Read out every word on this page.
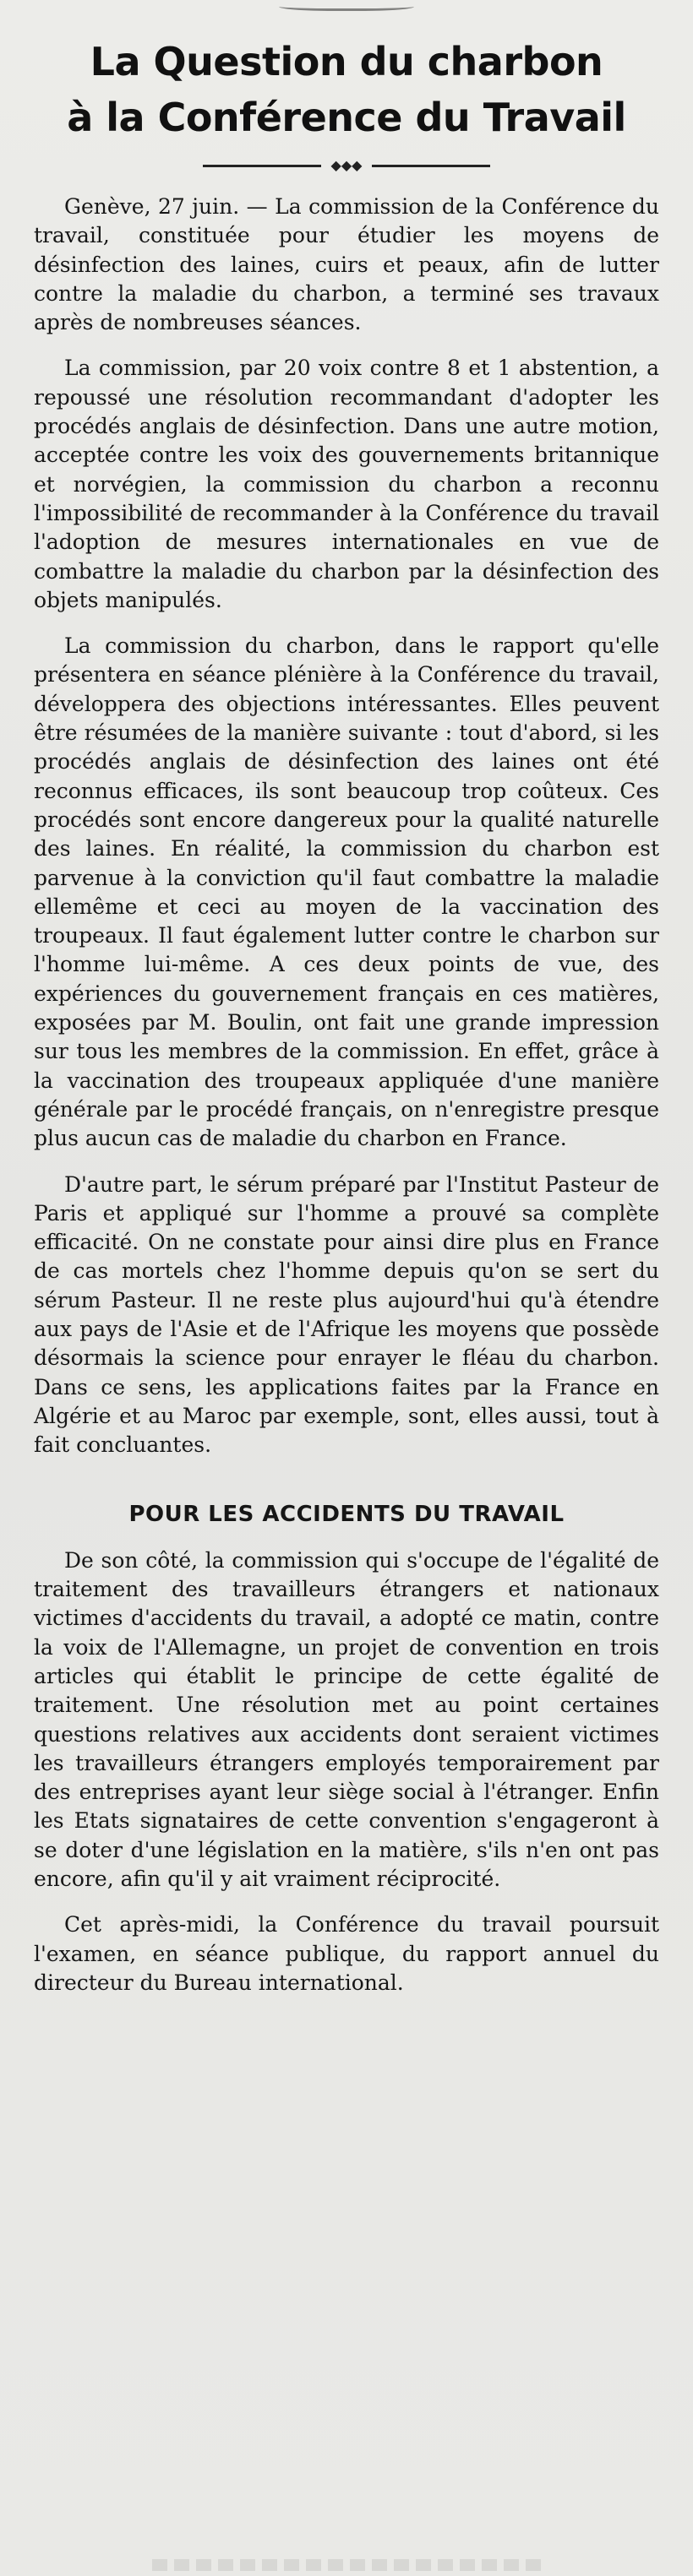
La Question du charbon
à la Conférence du Travail
◆◆◆

Genève, 27 juin. — La commission de la Conférence du travail, constituée pour étudier les moyens de désinfection des laines, cuirs et peaux, afin de lutter contre la maladie du charbon, a terminé ses travaux après de nombreuses séances.

La commission, par 20 voix contre 8 et 1 abstention, a repoussé une résolution recommandant d'adopter les procédés anglais de désinfection. Dans une autre motion, acceptée contre les voix des gouvernements britannique et norvégien, la commission du charbon a reconnu l'impossibilité de recommander à la Conférence du travail l'adoption de mesures internationales en vue de combattre la maladie du charbon par la désinfection des objets manipulés.

La commission du charbon, dans le rapport qu'elle présentera en séance plénière à la Conférence du travail, développera des objections intéressantes. Elles peuvent être résumées de la manière suivante : tout d'abord, si les procédés anglais de désinfection des laines ont été reconnus efficaces, ils sont beaucoup trop coûteux. Ces procédés sont encore dangereux pour la qualité naturelle des laines. En réalité, la commission du charbon est parvenue à la conviction qu'il faut combattre la maladie ellemême et ceci au moyen de la vaccination des troupeaux. Il faut également lutter contre le charbon sur l'homme lui-même. A ces deux points de vue, des expériences du gouvernement français en ces matières, exposées par M. Boulin, ont fait une grande impression sur tous les membres de la commission. En effet, grâce à la vaccination des troupeaux appliquée d'une manière générale par le procédé français, on n'enregistre presque plus aucun cas de maladie du charbon en France.

D'autre part, le sérum préparé par l'Institut Pasteur de Paris et appliqué sur l'homme a prouvé sa complète efficacité. On ne constate pour ainsi dire plus en France de cas mortels chez l'homme depuis qu'on se sert du sérum Pasteur. Il ne reste plus aujourd'hui qu'à étendre aux pays de l'Asie et de l'Afrique les moyens que possède désormais la science pour enrayer le fléau du charbon. Dans ce sens, les applications faites par la France en Algérie et au Maroc par exemple, sont, elles aussi, tout à fait concluantes.

POUR LES ACCIDENTS DU TRAVAIL

De son côté, la commission qui s'occupe de l'égalité de traitement des travailleurs étrangers et nationaux victimes d'accidents du travail, a adopté ce matin, contre la voix de l'Allemagne, un projet de convention en trois articles qui établit le principe de cette égalité de traitement. Une résolution met au point certaines questions relatives aux accidents dont seraient victimes les travailleurs étrangers employés temporairement par des entreprises ayant leur siège social à l'étranger. Enfin les Etats signataires de cette convention s'engageront à se doter d'une législation en la matière, s'ils n'en ont pas encore, afin qu'il y ait vraiment réciprocité.

Cet après-midi, la Conférence du travail poursuit l'examen, en séance publique, du rapport annuel du directeur du Bureau international.
